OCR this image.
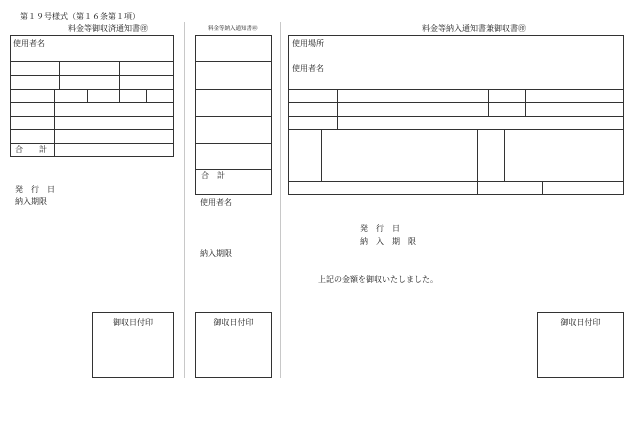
第１９号様式（第１６条第１項）
料金等御収済通知書㊞
使用者名
合　　計
発　行　日
納入期限
御収日付印
料金等納入通知書㊞
合　計
使用者名
納入期限
御収日付印
料金等納入通知書兼御収書㊞
使用場所
使用者名
発　行　日
納　入　期　限
上記の金額を御収いたしました。
御収日付印
